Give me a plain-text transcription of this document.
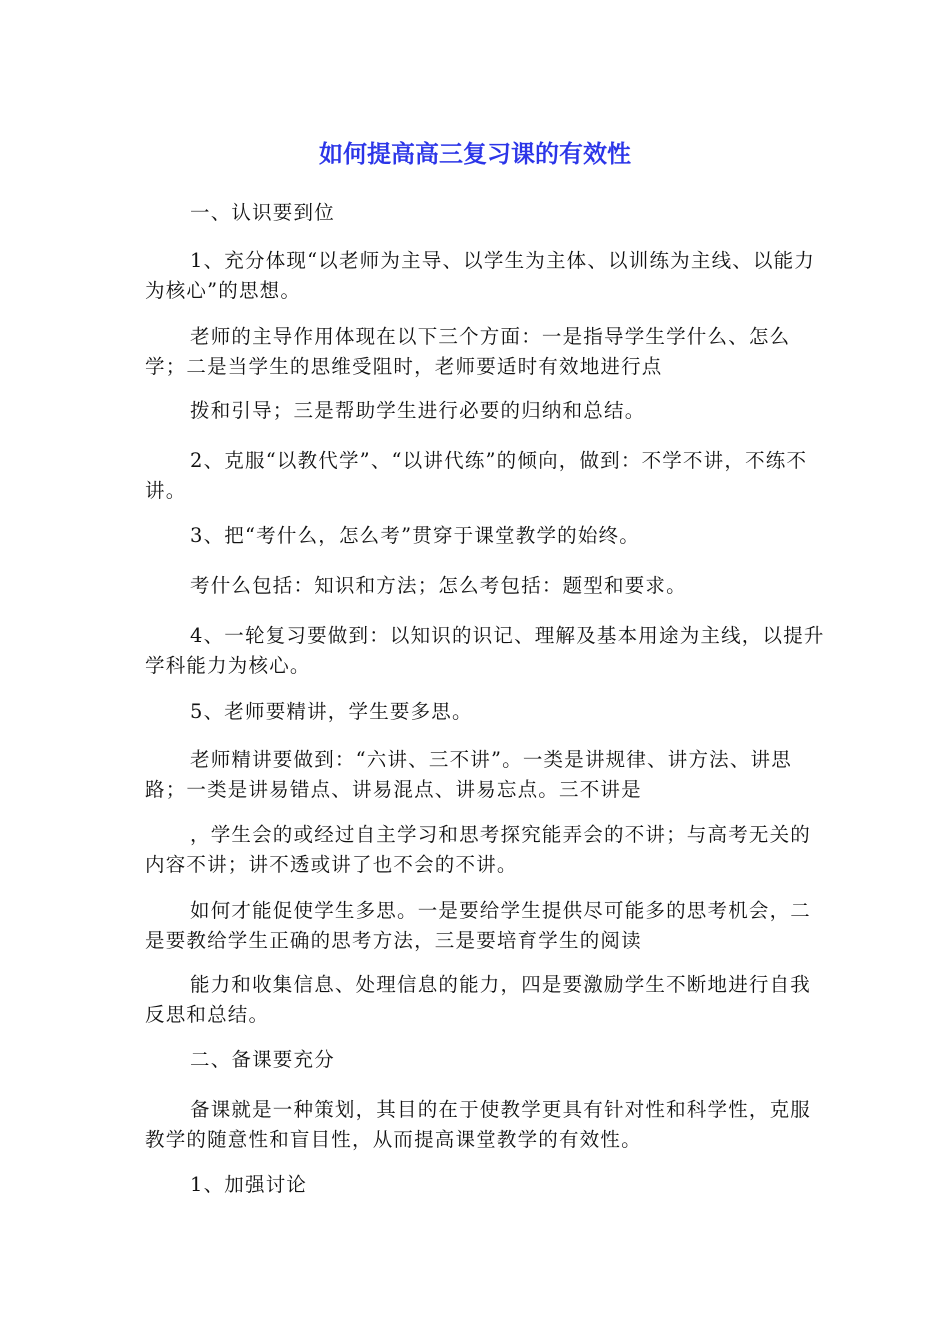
如何提高高三复习课的有效性

一、认识要到位

1、充分体现“以老师为主导、以学生为主体、以训练为主线、以能力为核心”的思想。

老师的主导作用体现在以下三个方面：一是指导学生学什么、怎么学；二是当学生的思维受阻时，老师要适时有效地进行点

拨和引导；三是帮助学生进行必要的归纳和总结。

2、克服“以教代学”、“以讲代练”的倾向，做到：不学不讲，不练不讲。

3、把“考什么，怎么考”贯穿于课堂教学的始终。

考什么包括：知识和方法；怎么考包括：题型和要求。

4、一轮复习要做到：以知识的识记、理解及基本用途为主线，以提升学科能力为核心。

5、老师要精讲，学生要多思。

老师精讲要做到：“六讲、三不讲”。一类是讲规律、讲方法、讲思路；一类是讲易错点、讲易混点、讲易忘点。三不讲是

，学生会的或经过自主学习和思考探究能弄会的不讲；与高考无关的内容不讲；讲不透或讲了也不会的不讲。

如何才能促使学生多思。一是要给学生提供尽可能多的思考机会，二是要教给学生正确的思考方法，三是要培育学生的阅读

能力和收集信息、处理信息的能力，四是要激励学生不断地进行自我反思和总结。

二、备课要充分

备课就是一种策划，其目的在于使教学更具有针对性和科学性，克服教学的随意性和盲目性，从而提高课堂教学的有效性。

1、加强讨论
